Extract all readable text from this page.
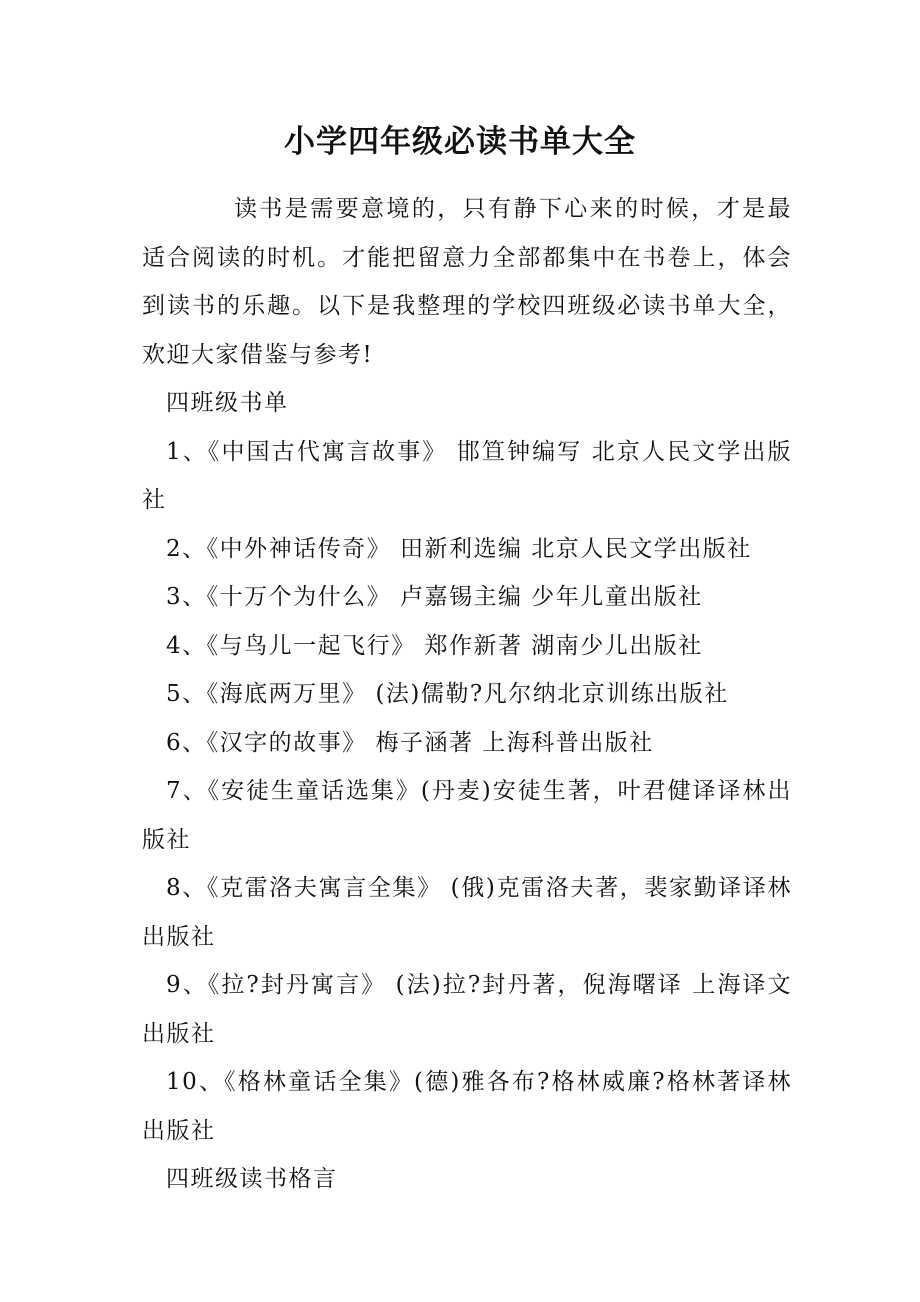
小学四年级必读书单大全

读书是需要意境的，只有静下心来的时候，才是最适合阅读的时机。才能把留意力全部都集中在书卷上，体会到读书的乐趣。以下是我整理的学校四班级必读书单大全，欢迎大家借鉴与参考!

四班级书单

1、《中国古代寓言故事》 邯笪钟编写 北京人民文学出版社

2、《中外神话传奇》 田新利选编 北京人民文学出版社

3、《十万个为什么》 卢嘉锡主编 少年儿童出版社

4、《与鸟儿一起飞行》 郑作新著 湖南少儿出版社

5、《海底两万里》 (法)儒勒?凡尔纳北京训练出版社

6、《汉字的故事》 梅子涵著 上海科普出版社

7、《安徒生童话选集》(丹麦)安徒生著，叶君健译译林出版社

8、《克雷洛夫寓言全集》 (俄)克雷洛夫著，裴家勤译译林出版社

9、《拉?封丹寓言》 (法)拉?封丹著，倪海曙译 上海译文出版社

10、《格林童话全集》(德)雅各布?格林威廉?格林著译林出版社

四班级读书格言
